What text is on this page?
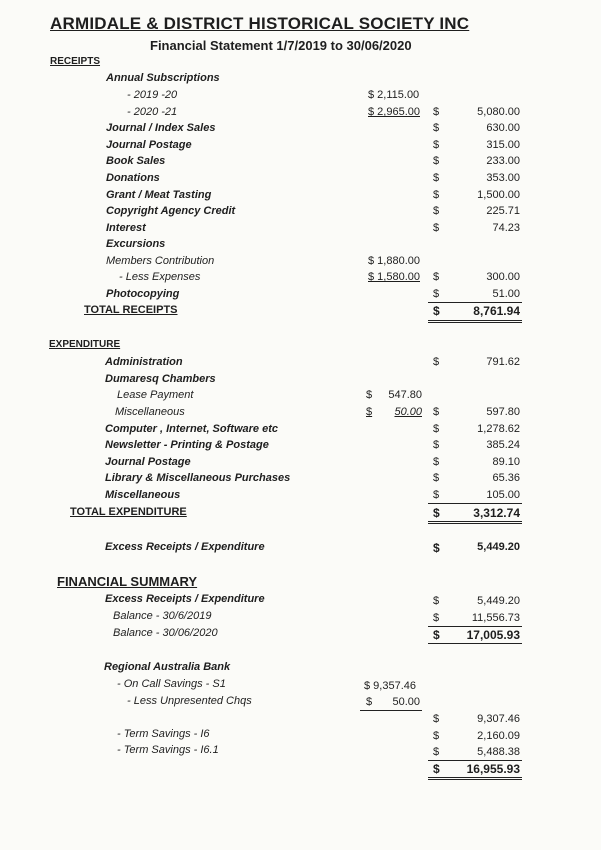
ARMIDALE & DISTRICT HISTORICAL SOCIETY INC
Financial Statement 1/7/2019 to 30/06/2020
RECEIPTS
Annual Subscriptions
- 2019 -20	$ 2,115.00
- 2020 -21	$ 2,965.00 $	5,080.00
Journal / Index Sales	$	630.00
Journal Postage	$	315.00
Book Sales	$	233.00
Donations	$	353.00
Grant / Meat Tasting	$	1,500.00
Copyright Agency Credit	$	225.71
Interest	$	74.23
Excursions
Members Contribution	$ 1,880.00
- Less Expenses	$ 1,580.00 $	300.00
Photocopying	$	51.00
TOTAL RECEIPTS	$	8,761.94
EXPENDITURE
Administration	$	791.62
Dumaresq Chambers
Lease Payment	$	547.80
Miscellaneous	$	50.00 $	597.80
Computer , Internet, Software etc	$	1,278.62
Newsletter - Printing & Postage	$	385.24
Journal Postage	$	89.10
Library & Miscellaneous Purchases	$	65.36
Miscellaneous	$	105.00
TOTAL EXPENDITURE	$	3,312.74
Excess Receipts / Expenditure	$	5,449.20
FINANCIAL SUMMARY
Excess Receipts / Expenditure	$	5,449.20
Balance - 30/6/2019	$	11,556.73
Balance - 30/06/2020	$	17,005.93
Regional Australia Bank
- On Call Savings - S1	$ 9,357.46
- Less Unpresented Chqs	$	50.00
$	9,307.46
- Term Savings - I6	$	2,160.09
- Term Savings - I6.1	$	5,488.38
$	16,955.93
